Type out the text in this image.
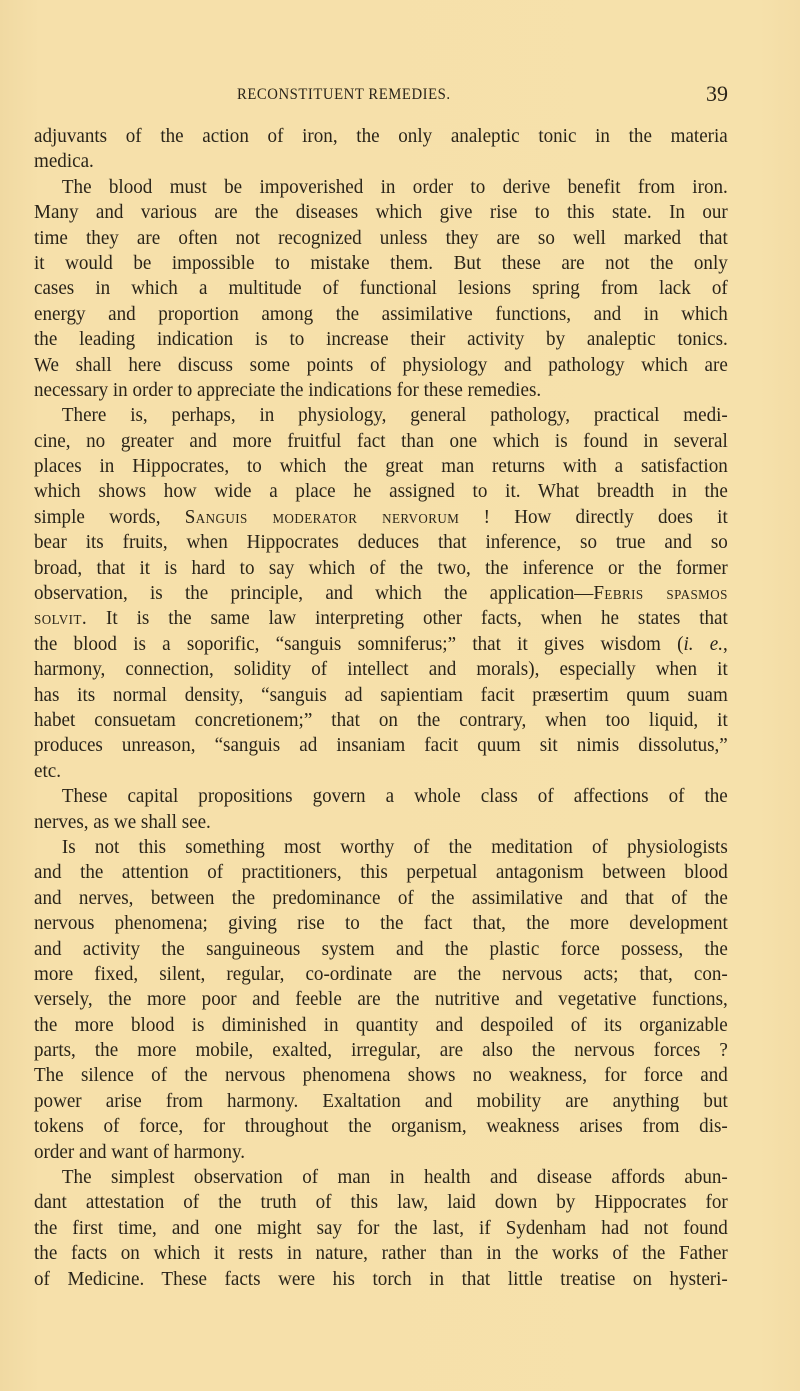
RECONSTITUENT REMEDIES.	39
adjuvants of the action of iron, the only analeptic tonic in the materia
medica.
The blood must be impoverished in order to derive benefit from iron.
Many and various are the diseases which give rise to this state. In our
time they are often not recognized unless they are so well marked that
it would be impossible to mistake them. But these are not the only
cases in which a multitude of functional lesions spring from lack of
energy and proportion among the assimilative functions, and in which
the leading indication is to increase their activity by analeptic tonics.
We shall here discuss some points of physiology and pathology which are
necessary in order to appreciate the indications for these remedies.
There is, perhaps, in physiology, general pathology, practical medi-
cine, no greater and more fruitful fact than one which is found in several
places in Hippocrates, to which the great man returns with a satisfaction
which shows how wide a place he assigned to it. What breadth in the
simple words, Sanguis moderator nervorum ! How directly does it
bear its fruits, when Hippocrates deduces that inference, so true and so
broad, that it is hard to say which of the two, the inference or the former
observation, is the principle, and which the application—Febris spasmos
solvit. It is the same law interpreting other facts, when he states that
the blood is a soporific, “sanguis somniferus;” that it gives wisdom (i. e.,
harmony, connection, solidity of intellect and morals), especially when it
has its normal density, “sanguis ad sapientiam facit præsertim quum suam
habet consuetam concretionem;” that on the contrary, when too liquid, it
produces unreason, “sanguis ad insaniam facit quum sit nimis dissolutus,”
etc.
These capital propositions govern a whole class of affections of the
nerves, as we shall see.
Is not this something most worthy of the meditation of physiologists
and the attention of practitioners, this perpetual antagonism between blood
and nerves, between the predominance of the assimilative and that of the
nervous phenomena; giving rise to the fact that, the more development
and activity the sanguineous system and the plastic force possess, the
more fixed, silent, regular, co-ordinate are the nervous acts; that, con-
versely, the more poor and feeble are the nutritive and vegetative functions,
the more blood is diminished in quantity and despoiled of its organizable
parts, the more mobile, exalted, irregular, are also the nervous forces ?
The silence of the nervous phenomena shows no weakness, for force and
power arise from harmony. Exaltation and mobility are anything but
tokens of force, for throughout the organism, weakness arises from dis-
order and want of harmony.
The simplest observation of man in health and disease affords abun-
dant attestation of the truth of this law, laid down by Hippocrates for
the first time, and one might say for the last, if Sydenham had not found
the facts on which it rests in nature, rather than in the works of the Father
of Medicine. These facts were his torch in that little treatise on hysteri-
